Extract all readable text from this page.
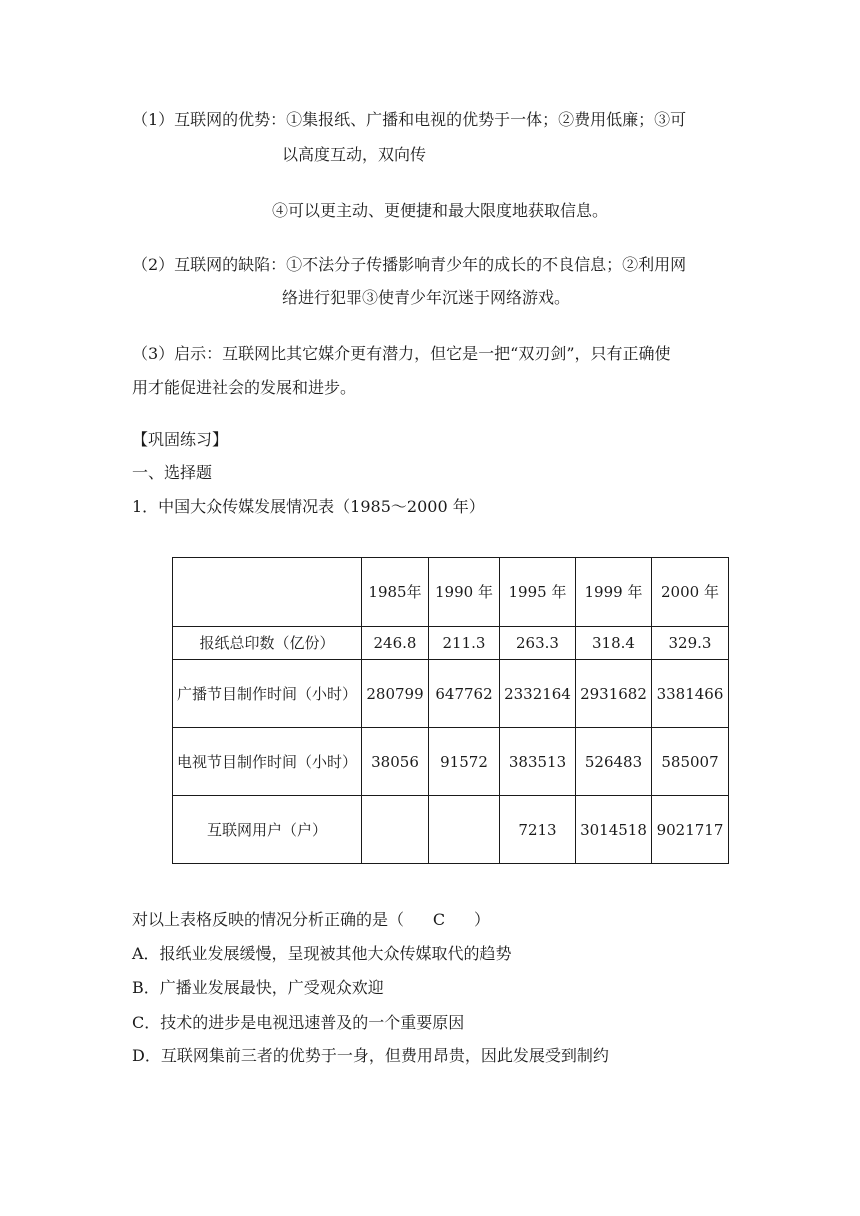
（1）互联网的优势：①集报纸、广播和电视的优势于一体；②费用低廉；③可
以高度互动，双向传
④可以更主动、更便捷和最大限度地获取信息。
（2）互联网的缺陷：①不法分子传播影响青少年的成长的不良信息；②利用网
络进行犯罪③使青少年沉迷于网络游戏。
（3）启示：互联网比其它媒介更有潜力，但它是一把“双刃剑”，只有正确使
用才能促进社会的发展和进步。
【巩固练习】
一、选择题
1．中国大众传媒发展情况表（1985～2000 年）
	1985年	1990 年	1995 年	1999 年	2000 年
报纸总印数（亿份）	246.8	211.3	263.3	318.4	329.3
广播节目制作时间（小时）	280799	647762	2332164	2931682	3381466
电视节目制作时间（小时）	38056	91572	383513	526483	585007
互联网用户（户）			7213	3014518	9021717
对以上表格反映的情况分析正确的是（ C ）
A．报纸业发展缓慢，呈现被其他大众传媒取代的趋势
B．广播业发展最快，广受观众欢迎
C．技术的进步是电视迅速普及的一个重要原因
D．互联网集前三者的优势于一身，但费用昂贵，因此发展受到制约
